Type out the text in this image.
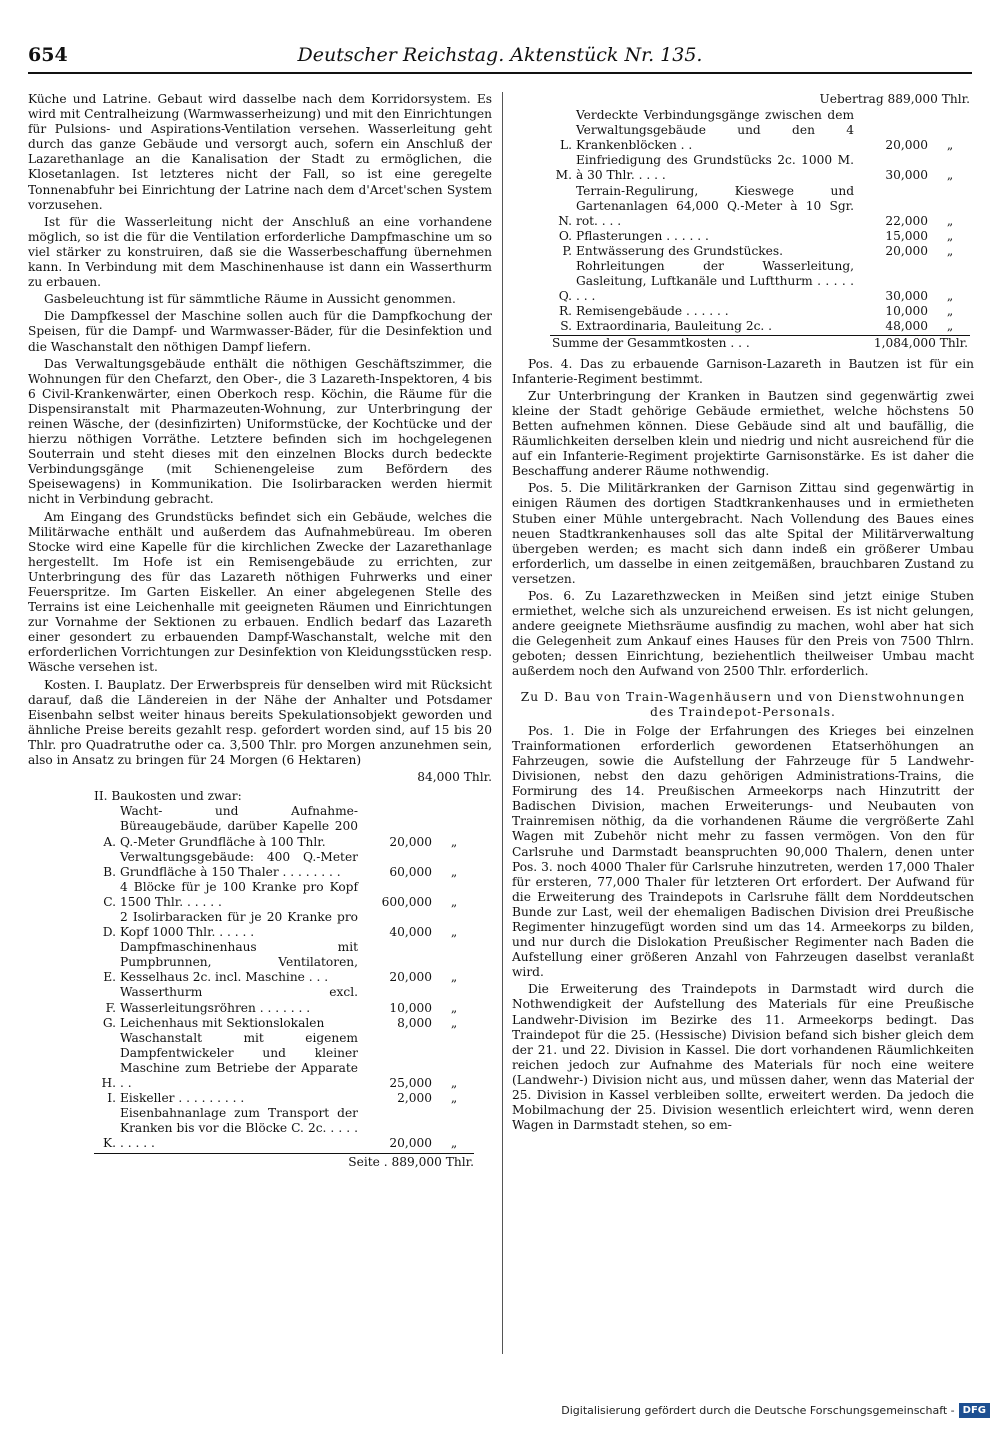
654	Deutscher Reichstag. Aktenstück Nr. 135.

Küche und Latrine. Gebaut wird dasselbe nach dem Korridorsystem. Es wird mit Centralheizung (Warmwasserheizung) und mit den Einrichtungen für Pulsions- und Aspirations-Ventilation versehen. Wasserleitung geht durch das ganze Gebäude und versorgt auch, sofern ein Anschluß der Lazarethanlage an die Kanalisation der Stadt zu ermöglichen, die Klosetanlagen. Ist letzteres nicht der Fall, so ist eine geregelte Tonnenabfuhr bei Einrichtung der Latrine nach dem d'Arcet'schen System vorzusehen.

Ist für die Wasserleitung nicht der Anschluß an eine vorhandene möglich, so ist die für die Ventilation erforderliche Dampfmaschine um so viel stärker zu konstruiren, daß sie die Wasserbeschaffung übernehmen kann. In Verbindung mit dem Maschinenhause ist dann ein Wasserthurm zu erbauen.

Gasbeleuchtung ist für sämmtliche Räume in Aussicht genommen.

Die Dampfkessel der Maschine sollen auch für die Dampfkochung der Speisen, für die Dampf- und Warmwasser-Bäder, für die Desinfektion und die Waschanstalt den nöthigen Dampf liefern.

Das Verwaltungsgebäude enthält die nöthigen Geschäftszimmer, die Wohnungen für den Chefarzt, den Ober-, die 3 Lazareth-Inspektoren, 4 bis 6 Civil-Krankenwärter, einen Oberkoch resp. Köchin, die Räume für die Dispensiranstalt mit Pharmazeuten-Wohnung, zur Unterbringung der reinen Wäsche, der (desinfizirten) Uniformstücke, der Kochtücke und der hierzu nöthigen Vorräthe. Letztere befinden sich im hochgelegenen Souterrain und steht dieses mit den einzelnen Blocks durch bedeckte Verbindungsgänge (mit Schienengeleise zum Befördern des Speisewagens) in Kommunikation. Die Isolirbaracken werden hiermit nicht in Verbindung gebracht.

Am Eingang des Grundstücks befindet sich ein Gebäude, welches die Militärwache enthält und außerdem das Aufnahmebüreau. Im oberen Stocke wird eine Kapelle für die kirchlichen Zwecke der Lazarethanlage hergestellt. Im Hofe ist ein Remisengebäude zu errichten, zur Unterbringung des für das Lazareth nöthigen Fuhrwerks und einer Feuerspritze. Im Garten Eiskeller. An einer abgelegenen Stelle des Terrains ist eine Leichenhalle mit geeigneten Räumen und Einrichtungen zur Vornahme der Sektionen zu erbauen. Endlich bedarf das Lazareth einer gesondert zu erbauenden Dampf-Waschanstalt, welche mit den erforderlichen Vorrichtungen zur Desinfektion von Kleidungsstücken resp. Wäsche versehen ist.

Kosten. I. Bauplatz. Der Erwerbspreis für denselben wird mit Rücksicht darauf, daß die Ländereien in der Nähe der Anhalter und Potsdamer Eisenbahn selbst weiter hinaus bereits Spekulationsobjekt geworden und ähnliche Preise bereits gezahlt resp. gefordert worden sind, auf 15 bis 20 Thlr. pro Quadratruthe oder ca. 3,500 Thlr. pro Morgen anzunehmen sein, also in Ansatz zu bringen für 24 Morgen (6 Hektaren)

84,000 Thlr.
II. Baukosten und zwar:
A.	Wacht- und Aufnahme-Büreaugebäude, darüber Kapelle 200 Q.-Meter Grundfläche à 100 Thlr.	20,000	„
B.	Verwaltungsgebäude: 400 Q.-Meter Grundfläche à 150 Thaler . . . . . . . .	60,000	„
C.	4 Blöcke für je 100 Kranke pro Kopf 1500 Thlr. . . . . .	600,000	„
D.	2 Isolirbaracken für je 20 Kranke pro Kopf 1000 Thlr. . . . . .	40,000	„
E.	Dampfmaschinenhaus mit Pumpbrunnen, Ventilatoren, Kesselhaus 2c. incl. Maschine . . .	20,000	„
F.	Wasserthurm excl. Wasserleitungsröhren . . . . . . .	10,000	„
G.	Leichenhaus mit Sektionslokalen	8,000	„
H.	Waschanstalt mit eigenem Dampfentwickeler und kleiner Maschine zum Betriebe der Apparate . .	25,000	„
I.	Eiskeller . . . . . . . . .	2,000	„
K.	Eisenbahnanlage zum Transport der Kranken bis vor die Blöcke C. 2c. . . . . . . . . .	20,000	„
Seite . 889,000 Thlr.
Uebertrag 889,000 Thlr.
L.	Verdeckte Verbindungsgänge zwischen dem Verwaltungsgebäude und den 4 Krankenblöcken . .	20,000	„
M.	Einfriedigung des Grundstücks 2c. 1000 M. à 30 Thlr. . . . .	30,000	„
N.	Terrain-Regulirung, Kieswege und Gartenanlagen 64,000 Q.-Meter à 10 Sgr. rot. . . .	22,000	„
O.	Pflasterungen . . . . . .	15,000	„
P.	Entwässerung des Grundstückes.	20,000	„
Q.	Rohrleitungen der Wasserleitung, Gasleitung, Luftkanäle und Luftthurm . . . . . . . .	30,000	„
R.	Remisengebäude . . . . . .	10,000	„
S.	Extraordinaria, Bauleitung 2c. .	48,000	„
Summe der Gesammtkosten . . .	1,084,000 Thlr.

Pos. 4. Das zu erbauende Garnison-Lazareth in Bautzen ist für ein Infanterie-Regiment bestimmt.

Zur Unterbringung der Kranken in Bautzen sind gegenwärtig zwei kleine der Stadt gehörige Gebäude ermiethet, welche höchstens 50 Betten aufnehmen können. Diese Gebäude sind alt und baufällig, die Räumlichkeiten derselben klein und niedrig und nicht ausreichend für die auf ein Infanterie-Regiment projektirte Garnisonstärke. Es ist daher die Beschaffung anderer Räume nothwendig.

Pos. 5. Die Militärkranken der Garnison Zittau sind gegenwärtig in einigen Räumen des dortigen Stadtkrankenhauses und in ermietheten Stuben einer Mühle untergebracht. Nach Vollendung des Baues eines neuen Stadtkrankenhauses soll das alte Spital der Militärverwaltung übergeben werden; es macht sich dann indeß ein größerer Umbau erforderlich, um dasselbe in einen zeitgemäßen, brauchbaren Zustand zu versetzen.

Pos. 6. Zu Lazarethzwecken in Meißen sind jetzt einige Stuben ermiethet, welche sich als unzureichend erweisen. Es ist nicht gelungen, andere geeignete Miethsräume ausfindig zu machen, wohl aber hat sich die Gelegenheit zum Ankauf eines Hauses für den Preis von 7500 Thlrn. geboten; dessen Einrichtung, beziehentlich theilweiser Umbau macht außerdem noch den Aufwand von 2500 Thlr. erforderlich.

Zu D. Bau von Train-Wagenhäusern und von Dienstwohnungen des Traindepot-Personals.

Pos. 1. Die in Folge der Erfahrungen des Krieges bei einzelnen Trainformationen erforderlich gewordenen Etatserhöhungen an Fahrzeugen, sowie die Aufstellung der Fahrzeuge für 5 Landwehr-Divisionen, nebst den dazu gehörigen Administrations-Trains, die Formirung des 14. Preußischen Armeekorps nach Hinzutritt der Badischen Division, machen Erweiterungs- und Neubauten von Trainremisen nöthig, da die vorhandenen Räume die vergrößerte Zahl Wagen mit Zubehör nicht mehr zu fassen vermögen. Von den für Carlsruhe und Darmstadt beanspruchten 90,000 Thalern, denen unter Pos. 3. noch 4000 Thaler für Carlsruhe hinzutreten, werden 17,000 Thaler für ersteren, 77,000 Thaler für letzteren Ort erfordert. Der Aufwand für die Erweiterung des Traindepots in Carlsruhe fällt dem Norddeutschen Bunde zur Last, weil der ehemaligen Badischen Division drei Preußische Regimenter hinzugefügt worden sind um das 14. Armeekorps zu bilden, und nur durch die Dislokation Preußischer Regimenter nach Baden die Aufstellung einer größeren Anzahl von Fahrzeugen daselbst veranlaßt wird.

Die Erweiterung des Traindepots in Darmstadt wird durch die Nothwendigkeit der Aufstellung des Materials für eine Preußische Landwehr-Division im Bezirke des 11. Armeekorps bedingt. Das Traindepot für die 25. (Hessische) Division befand sich bisher gleich dem der 21. und 22. Division in Kassel. Die dort vorhandenen Räumlichkeiten reichen jedoch zur Aufnahme des Materials für noch eine weitere (Landwehr-) Division nicht aus, und müssen daher, wenn das Material der 25. Division in Kassel verbleiben sollte, erweitert werden. Da jedoch die Mobilmachung der 25. Division wesentlich erleichtert wird, wenn deren Wagen in Darmstadt stehen, so em-

Digitalisierung gefördert durch die Deutsche Forschungsgemeinschaft - DFG
